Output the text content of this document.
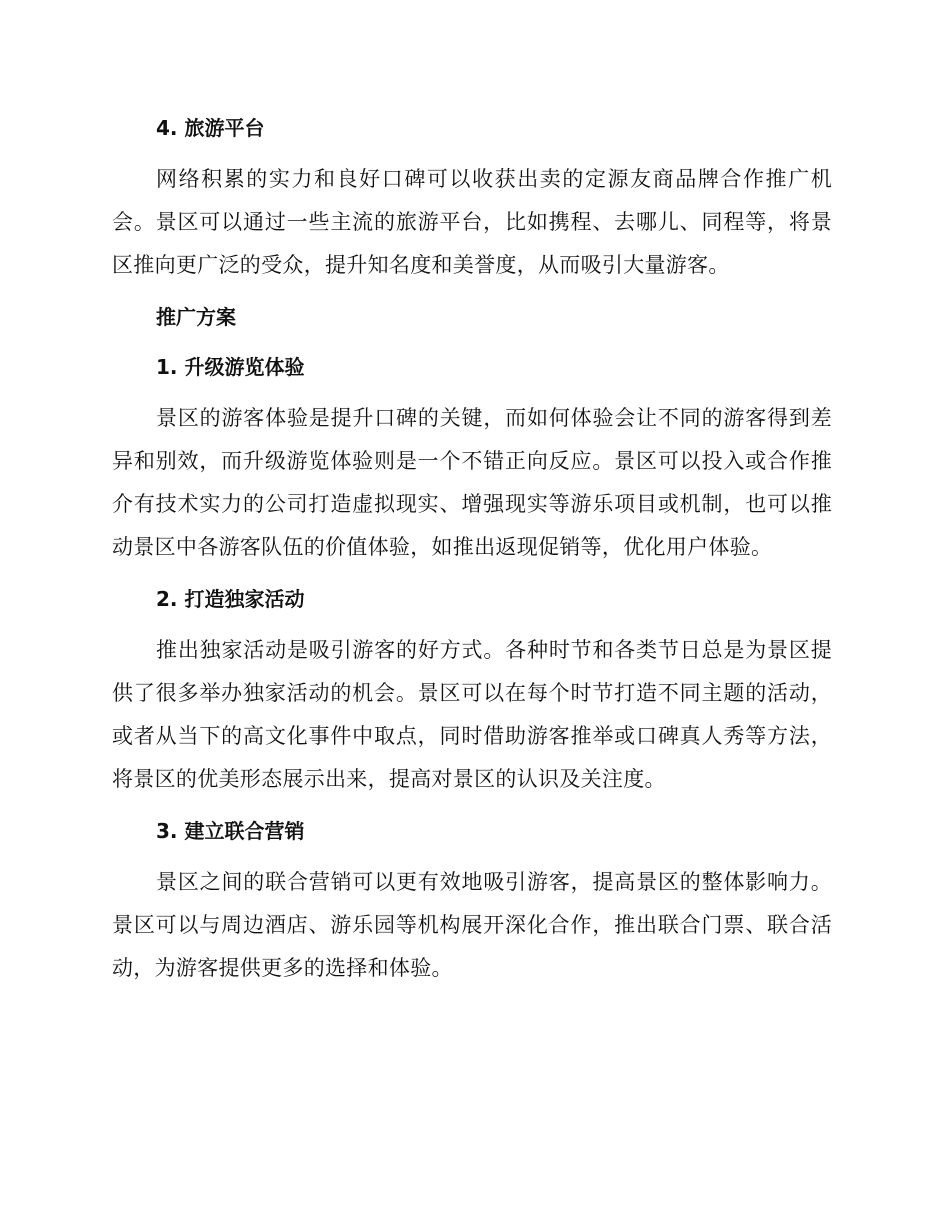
4. 旅游平台

网络积累的实力和良好口碑可以收获出卖的定源友商品牌合作推广机会。景区可以通过一些主流的旅游平台，比如携程、去哪儿、同程等，将景区推向更广泛的受众，提升知名度和美誉度，从而吸引大量游客。

推广方案
1. 升级游览体验

景区的游客体验是提升口碑的关键，而如何体验会让不同的游客得到差异和别效，而升级游览体验则是一个不错正向反应。景区可以投入或合作推介有技术实力的公司打造虚拟现实、增强现实等游乐项目或机制，也可以推动景区中各游客队伍的价值体验，如推出返现促销等，优化用户体验。

2. 打造独家活动

推出独家活动是吸引游客的好方式。各种时节和各类节日总是为景区提供了很多举办独家活动的机会。景区可以在每个时节打造不同主题的活动，或者从当下的高文化事件中取点，同时借助游客推举或口碑真人秀等方法，将景区的优美形态展示出来，提高对景区的认识及关注度。

3. 建立联合营销

景区之间的联合营销可以更有效地吸引游客，提高景区的整体影响力。景区可以与周边酒店、游乐园等机构展开深化合作，推出联合门票、联合活动，为游客提供更多的选择和体验。
